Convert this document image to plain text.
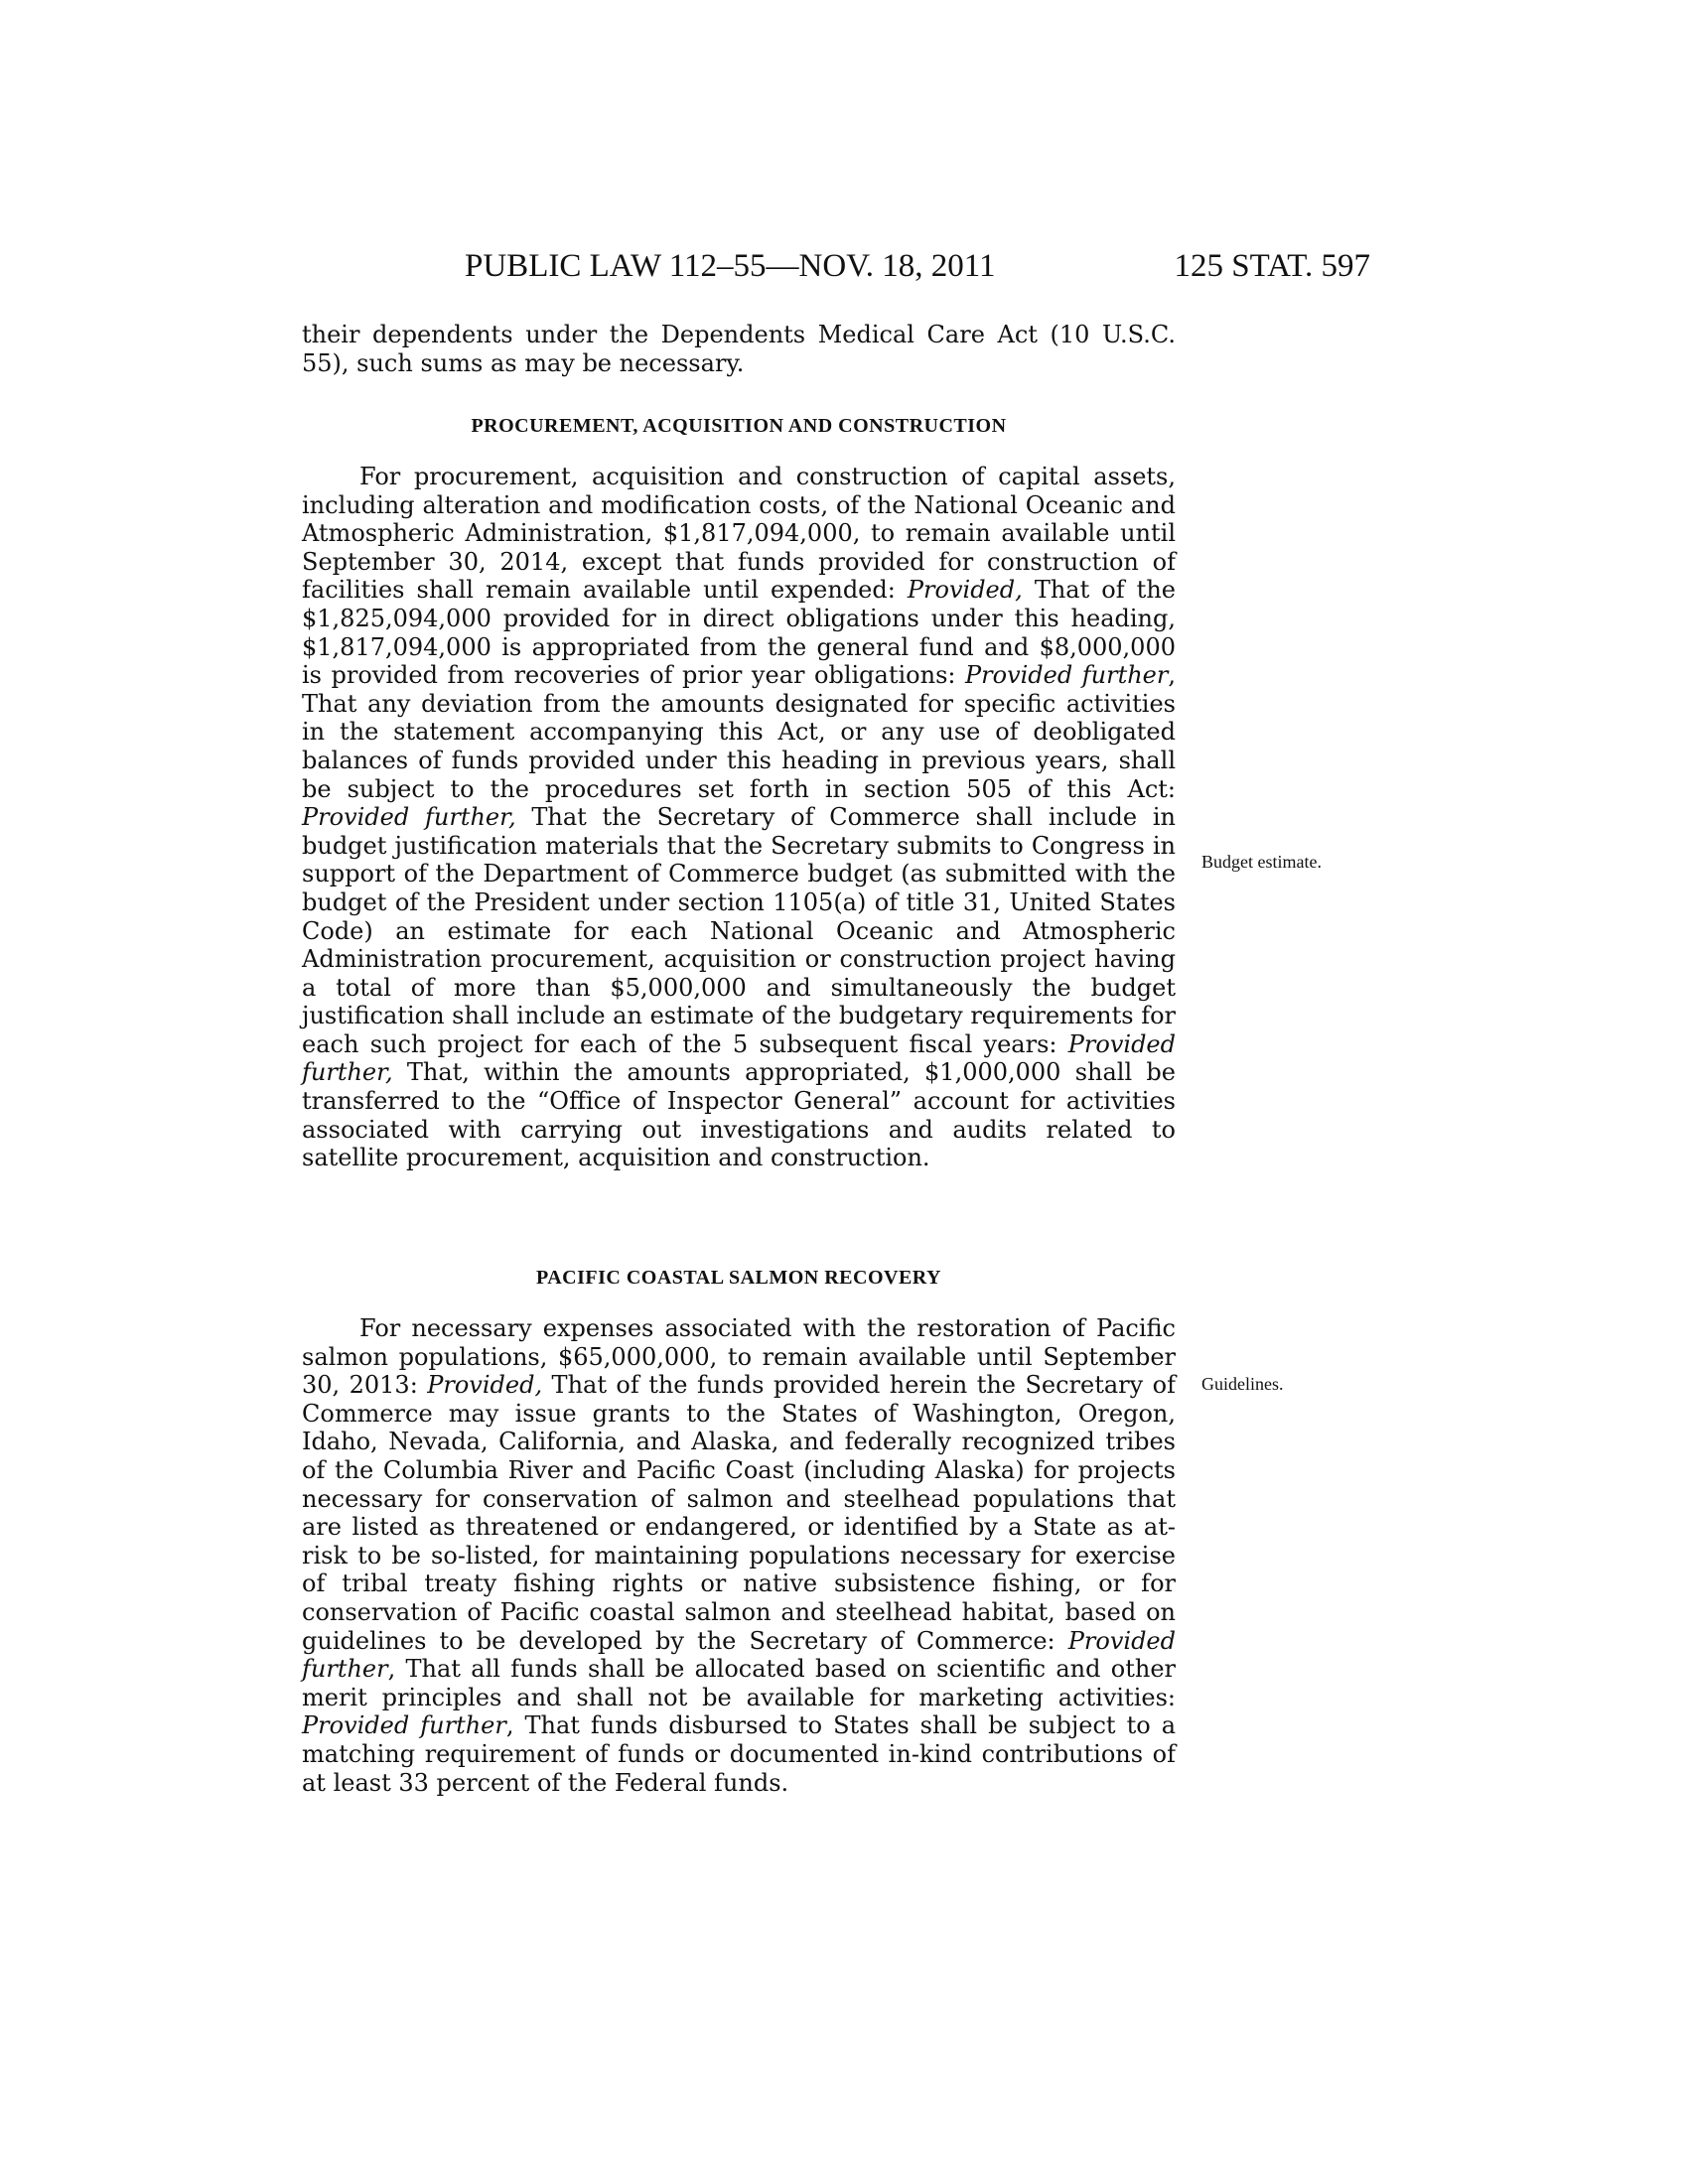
PUBLIC LAW 112–55—NOV. 18, 2011	125 STAT. 597

their dependents under the Dependents Medical Care Act (10 U.S.C. 55), such sums as may be necessary.

PROCUREMENT, ACQUISITION AND CONSTRUCTION

For procurement, acquisition and construction of capital assets, including alteration and modification costs, of the National Oceanic and Atmospheric Administration, $1,817,094,000, to remain available until September 30, 2014, except that funds provided for construction of facilities shall remain available until expended: Provided, That of the $1,825,094,000 provided for in direct obligations under this heading, $1,817,094,000 is appropriated from the general fund and $8,000,000 is provided from recoveries of prior year obligations: Provided further, That any deviation from the amounts designated for specific activities in the statement accompanying this Act, or any use of deobligated balances of funds provided under this heading in previous years, shall be subject to the procedures set forth in section 505 of this Act: Provided further, That the Secretary of Commerce shall include in budget justification materials that the Secretary submits to Congress in support of the Department of Commerce budget (as submitted with the budget of the President under section 1105(a) of title 31, United States Code) an estimate for each National Oceanic and Atmospheric Administration procurement, acquisition or construction project having a total of more than $5,000,000 and simultaneously the budget justification shall include an estimate of the budgetary requirements for each such project for each of the 5 subsequent fiscal years: Provided further, That, within the amounts appropriated, $1,000,000 shall be transferred to the “Office of Inspector General” account for activities associated with carrying out investigations and audits related to satellite procurement, acquisition and construction.

Budget estimate.
PACIFIC COASTAL SALMON RECOVERY

For necessary expenses associated with the restoration of Pacific salmon populations, $65,000,000, to remain available until September 30, 2013: Provided, That of the funds provided herein the Secretary of Commerce may issue grants to the States of Washington, Oregon, Idaho, Nevada, California, and Alaska, and federally recognized tribes of the Columbia River and Pacific Coast (including Alaska) for projects necessary for conservation of salmon and steelhead populations that are listed as threatened or endangered, or identified by a State as at-risk to be so-listed, for maintaining populations necessary for exercise of tribal treaty fishing rights or native subsistence fishing, or for conservation of Pacific coastal salmon and steelhead habitat, based on guidelines to be developed by the Secretary of Commerce: Provided further, That all funds shall be allocated based on scientific and other merit principles and shall not be available for marketing activities: Provided further, That funds disbursed to States shall be subject to a matching requirement of funds or documented in-kind contributions of at least 33 percent of the Federal funds.

Guidelines.
